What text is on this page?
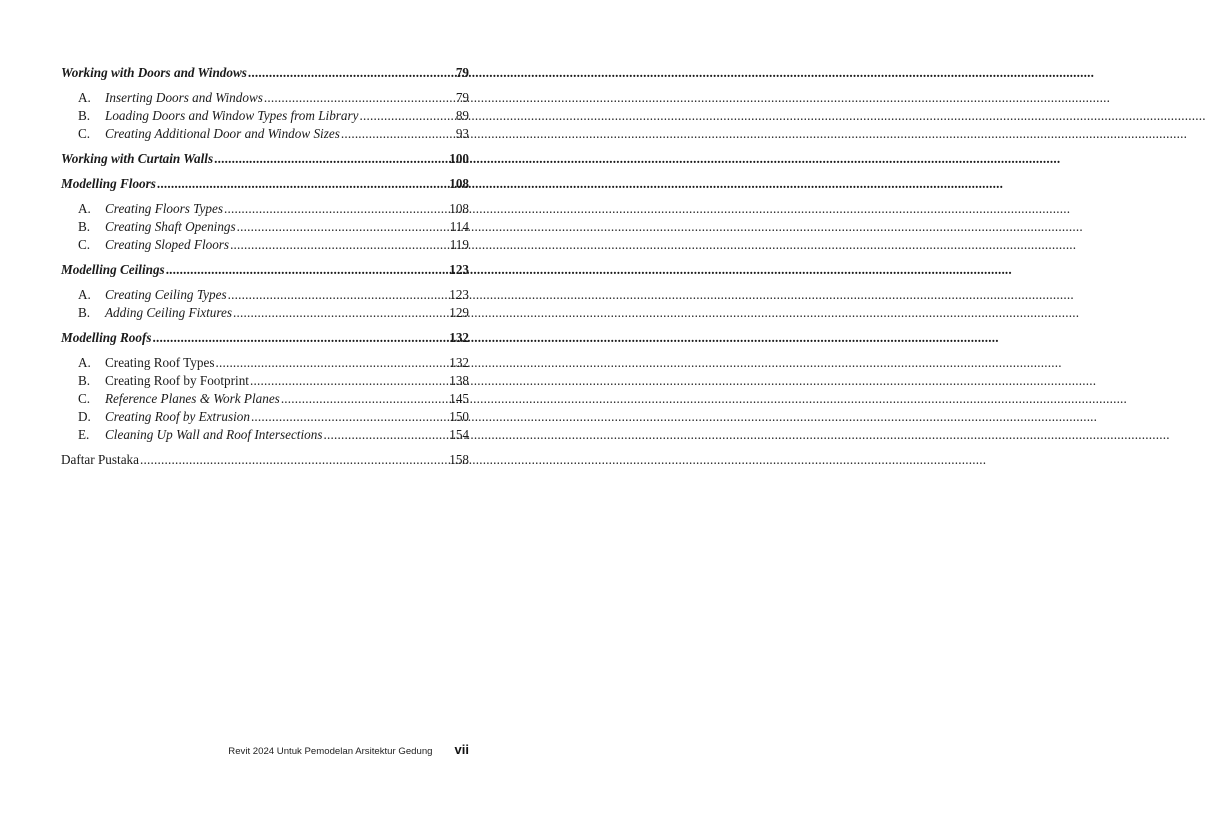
Working with Doors and Windows .....	79
A.	Inserting Doors and Windows .....	79
B.	Loading Doors and Window Types from Library .....	89
C.	Creating Additional Door and Window Sizes .....	93
Working with Curtain Walls .....	100
Modelling Floors .....	108
A.	Creating Floors Types .....	108
B.	Creating Shaft Openings .....	114
C.	Creating Sloped Floors .....	119
Modelling Ceilings .....	123
A.	Creating Ceiling Types .....	123
B.	Adding Ceiling Fixtures .....	129
Modelling Roofs .....	132
A.	Creating Roof Types .....	132
B.	Creating Roof by Footprint .....	138
C.	Reference Planes & Work Planes .....	145
D.	Creating Roof by Extrusion .....	150
E.	Cleaning Up Wall and Roof Intersections .....	154
Daftar Pustaka .....	158
Revit 2024 Untuk Pemodelan Arsitektur Gedung vii
